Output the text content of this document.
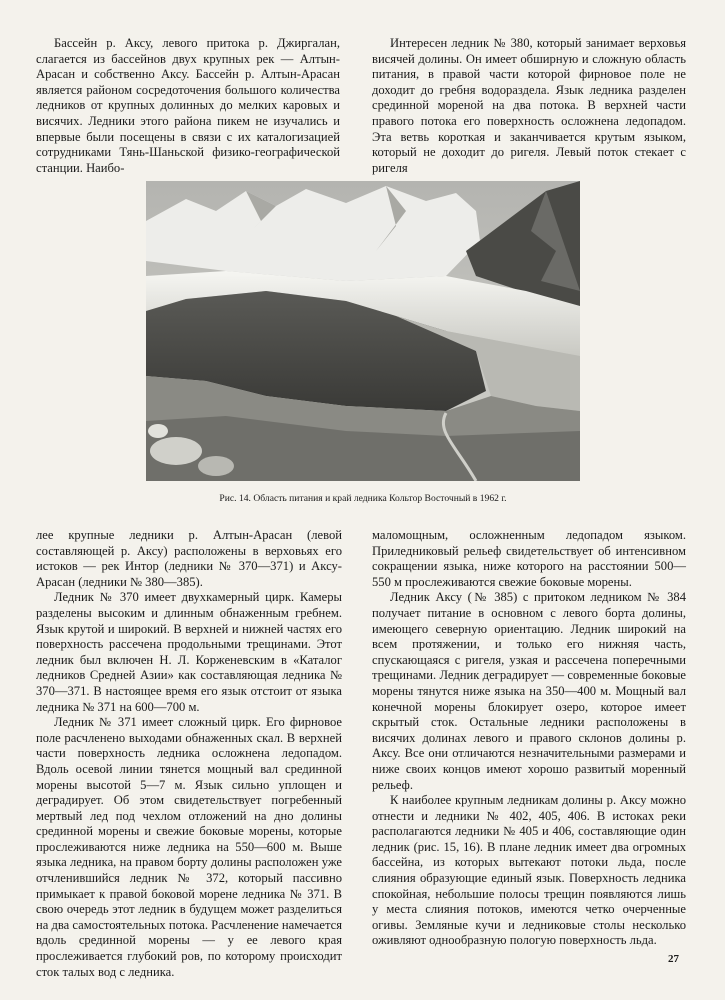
Бассейн р. Аксу, левого притока р. Джиргалан, слагается из бассейнов двух крупных рек — Алтын-Арасан и собственно Аксу. Бассейн р. Алтын-Арасан является районом сосредоточения большого количества ледников от крупных долинных до мелких каровых и висячих. Ледники этого района пикем не изучались и впервые были посещены в связи с их каталогизацией сотрудниками Тянь-Шаньской физико-географической станции. Наибо-

Интересен ледник № 380, который занимает верховья висячей долины. Он имеет обширную и сложную область питания, в правой части которой фирновое поле не доходит до гребня водораздела. Язык ледника разделен срединной мореной на два потока. В верхней части правого потока его поверхность осложнена ледопадом. Эта ветвь короткая и заканчивается крутым языком, который не доходит до ригеля. Левый поток стекает с ригеля

Рис. 14. Область питания и край ледника Кольтор Восточный в 1962 г.

лее крупные ледники р. Алтын-Арасан (левой составляющей р. Аксу) расположены в верховьях его истоков — рек Интор (ледники № 370—371) и Аксу-Арасан (ледники № 380—385).

Ледник № 370 имеет двухкамерный цирк. Камеры разделены высоким и длинным обнаженным гребнем. Язык крутой и широкий. В верхней и нижней частях его поверхность рассечена продольными трещинами. Этот ледник был включен Н. Л. Корженевским в «Каталог ледников Средней Азии» как составляющая ледника № 370—371. В настоящее время его язык отстоит от языка ледника № 371 на 600—700 м.

Ледник № 371 имеет сложный цирк. Его фирновое поле расчленено выходами обнаженных скал. В верхней части поверхность ледника осложнена ледопадом. Вдоль осевой линии тянется мощный вал срединной морены высотой 5—7 м. Язык сильно уплощен и деградирует. Об этом свидетельствует погребенный мертвый лед под чехлом отложений на дно долины срединной морены и свежие боковые морены, которые прослеживаются ниже ледника на 550—600 м. Выше языка ледника, на правом борту долины расположен уже отчленившийся ледник № 372, который пассивно примыкает к правой боковой морене ледника № 371. В свою очередь этот ледник в будущем может разделиться на два самостоятельных потока. Расчленение намечается вдоль срединной морены — у ее левого края прослеживается глубокий ров, по которому происходит сток талых вод с ледника.

маломощным, осложненным ледопадом языком. Приледниковый рельеф свидетельствует об интенсивном сокращении языка, ниже которого на расстоянии 500—550 м прослеживаются свежие боковые морены.

Ледник Аксу (№ 385) с притоком ледником № 384 получает питание в основном с левого борта долины, имеющего северную ориентацию. Ледник широкий на всем протяжении, и только его нижняя часть, спускающаяся с ригеля, узкая и рассечена поперечными трещинами. Ледник деградирует — современные боковые морены тянутся ниже языка на 350—400 м. Мощный вал конечной морены блокирует озеро, которое имеет скрытый сток. Остальные ледники расположены в висячих долинах левого и правого склонов долины р. Аксу. Все они отличаются незначительными размерами и ниже своих концов имеют хорошо развитый моренный рельеф.

К наиболее крупным ледникам долины р. Аксу можно отнести и ледники № 402, 405, 406. В истоках реки располагаются ледники № 405 и 406, составляющие один ледник (рис. 15, 16). В плане ледник имеет два огромных бассейна, из которых вытекают потоки льда, после слияния образующие единый язык. Поверхность ледника спокойная, небольшие полосы трещин появляются лишь у места слияния потоков, имеются четко очерченные огивы. Земляные кучи и ледниковые столы несколько оживляют однообразную пологую поверхность льда.

27
